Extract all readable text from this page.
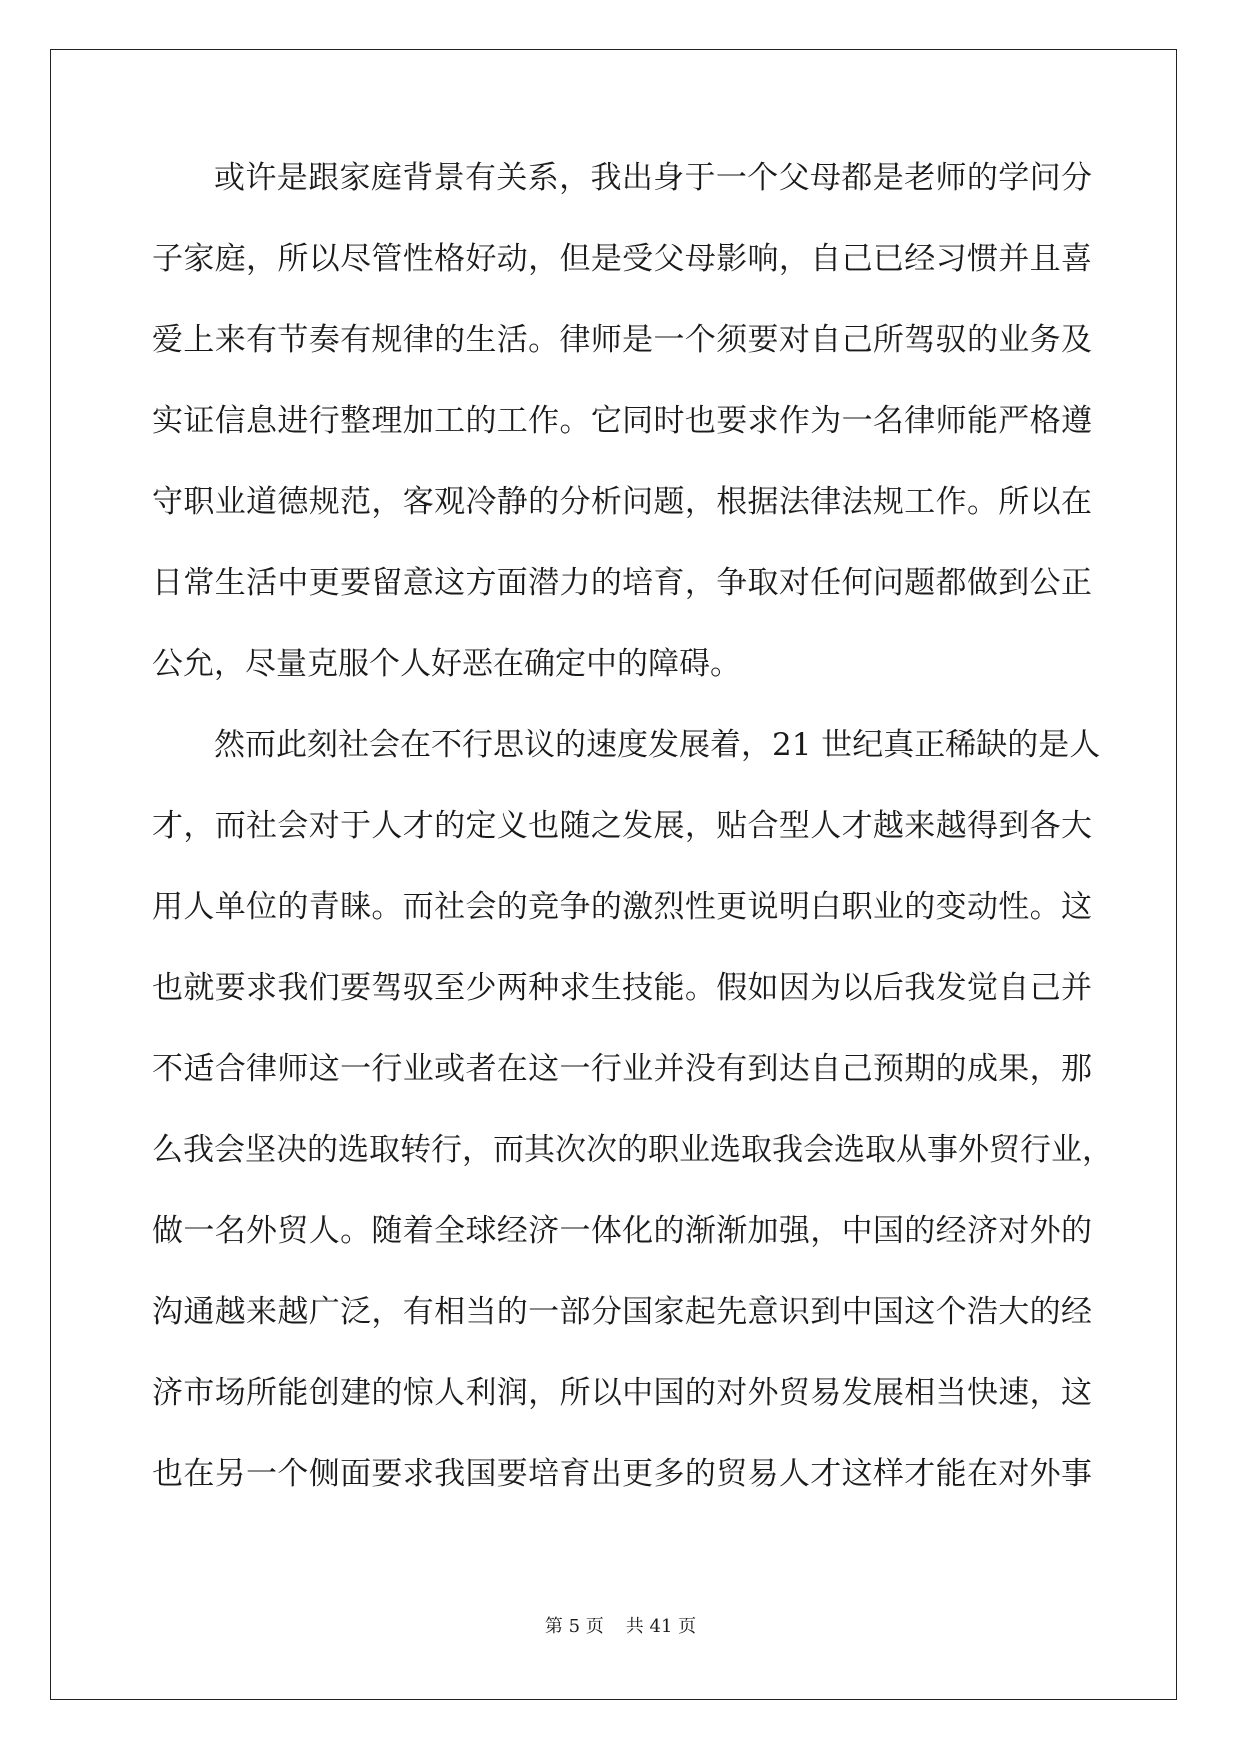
或许是跟家庭背景有关系，我出身于一个父母都是老师的学问分
子家庭，所以尽管性格好动，但是受父母影响，自己已经习惯并且喜
爱上来有节奏有规律的生活。律师是一个须要对自己所驾驭的业务及
实证信息进行整理加工的工作。它同时也要求作为一名律师能严格遵
守职业道德规范，客观冷静的分析问题，根据法律法规工作。所以在
日常生活中更要留意这方面潜力的培育，争取对任何问题都做到公正
公允，尽量克服个人好恶在确定中的障碍。
然而此刻社会在不行思议的速度发展着，21 世纪真正稀缺的是人
才，而社会对于人才的定义也随之发展，贴合型人才越来越得到各大
用人单位的青睐。而社会的竞争的激烈性更说明白职业的变动性。这
也就要求我们要驾驭至少两种求生技能。假如因为以后我发觉自己并
不适合律师这一行业或者在这一行业并没有到达自己预期的成果，那
么我会坚决的选取转行，而其次次的职业选取我会选取从事外贸行业，
做一名外贸人。随着全球经济一体化的渐渐加强，中国的经济对外的
沟通越来越广泛，有相当的一部分国家起先意识到中国这个浩大的经
济市场所能创建的惊人利润，所以中国的对外贸易发展相当快速，这
也在另一个侧面要求我国要培育出更多的贸易人才这样才能在对外事
第 5 页 共 41 页
